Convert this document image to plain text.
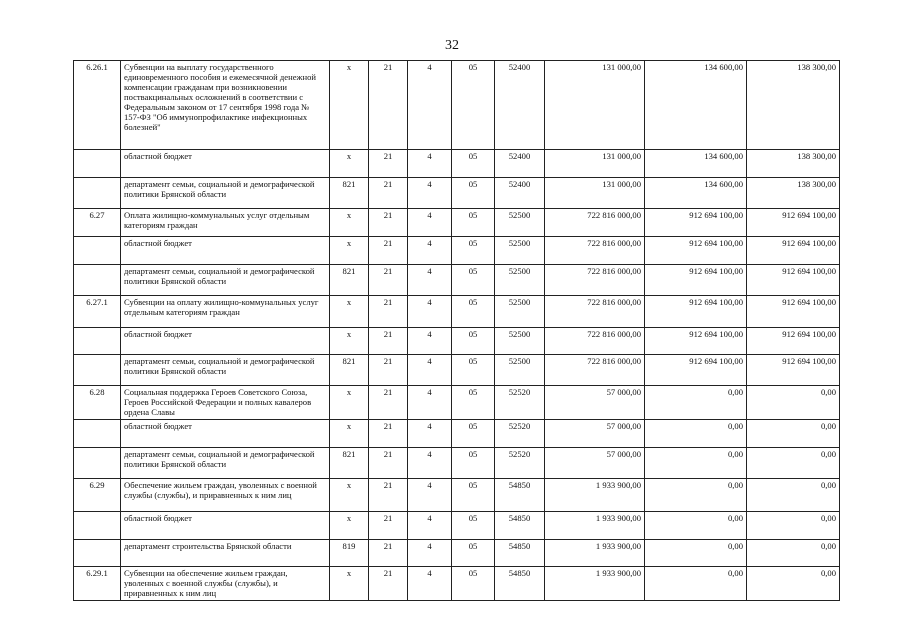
32
6.26.1	Субвенции на выплату государственного единовременного пособия и ежемесячной денежной компенсации гражданам при возникновении поствакцинальных осложнений в соответствии с Федеральным законом от 17 сентября 1998 года № 157-ФЗ "Об иммунопрофилактике инфекционных болезней"	x	21	4	05	52400	131 000,00	134 600,00	138 300,00
	областной бюджет	x	21	4	05	52400	131 000,00	134 600,00	138 300,00
	департамент семьи, социальной и демографической политики Брянской области	821	21	4	05	52400	131 000,00	134 600,00	138 300,00
6.27	Оплата жилищно-коммунальных услуг отдельным категориям граждан	x	21	4	05	52500	722 816 000,00	912 694 100,00	912 694 100,00
	областной бюджет	x	21	4	05	52500	722 816 000,00	912 694 100,00	912 694 100,00
	департамент семьи, социальной и демографической политики Брянской области	821	21	4	05	52500	722 816 000,00	912 694 100,00	912 694 100,00
6.27.1	Субвенции на оплату жилищно-коммунальных услуг отдельным категориям граждан	x	21	4	05	52500	722 816 000,00	912 694 100,00	912 694 100,00
	областной бюджет	x	21	4	05	52500	722 816 000,00	912 694 100,00	912 694 100,00
	департамент семьи, социальной и демографической политики Брянской области	821	21	4	05	52500	722 816 000,00	912 694 100,00	912 694 100,00
6.28	Социальная поддержка Героев Советского Союза, Героев Российской Федерации и полных кавалеров ордена Славы	x	21	4	05	52520	57 000,00	0,00	0,00
	областной бюджет	x	21	4	05	52520	57 000,00	0,00	0,00
	департамент семьи, социальной и демографической политики Брянской области	821	21	4	05	52520	57 000,00	0,00	0,00
6.29	Обеспечение жильем граждан, уволенных с военной службы (службы), и приравненных к ним лиц	x	21	4	05	54850	1 933 900,00	0,00	0,00
	областной бюджет	x	21	4	05	54850	1 933 900,00	0,00	0,00
	департамент строительства Брянской области	819	21	4	05	54850	1 933 900,00	0,00	0,00
6.29.1	Субвенции на обеспечение жильем граждан, уволенных с военной службы (службы), и приравненных к ним лиц	x	21	4	05	54850	1 933 900,00	0,00	0,00
